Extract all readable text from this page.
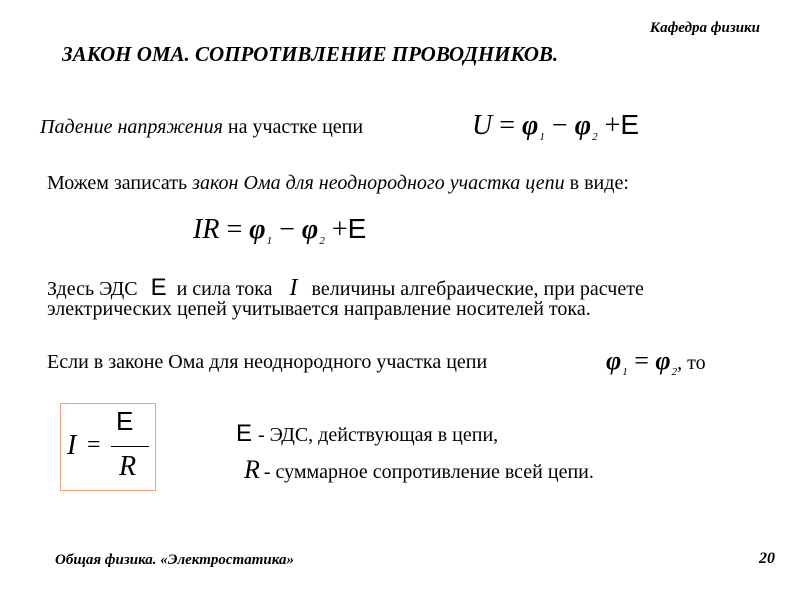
Кафедра физики
ЗАКОН ОМА. СОПРОТИВЛЕНИЕ ПРОВОДНИКОВ.
Падение напряжения на участке цепи	$U = \varphi_1 - \varphi_2 +E$
Можем записать закон Ома для неоднородного участка цепи в виде:
IR = $\varphi_1 - \varphi_2 +E$
Здесь ЭДС E и сила тока I величины алгебраические, при расчете
электрических цепей учитывается направление носителей тока.
Если в законе Ома для неоднородного участка цепи	$\varphi_1 = \varphi_2$, то
I =
E
R
E - ЭДС, действующая в цепи,
R - суммарное сопротивление всей цепи.
Общая физика. «Электростатика»	20
